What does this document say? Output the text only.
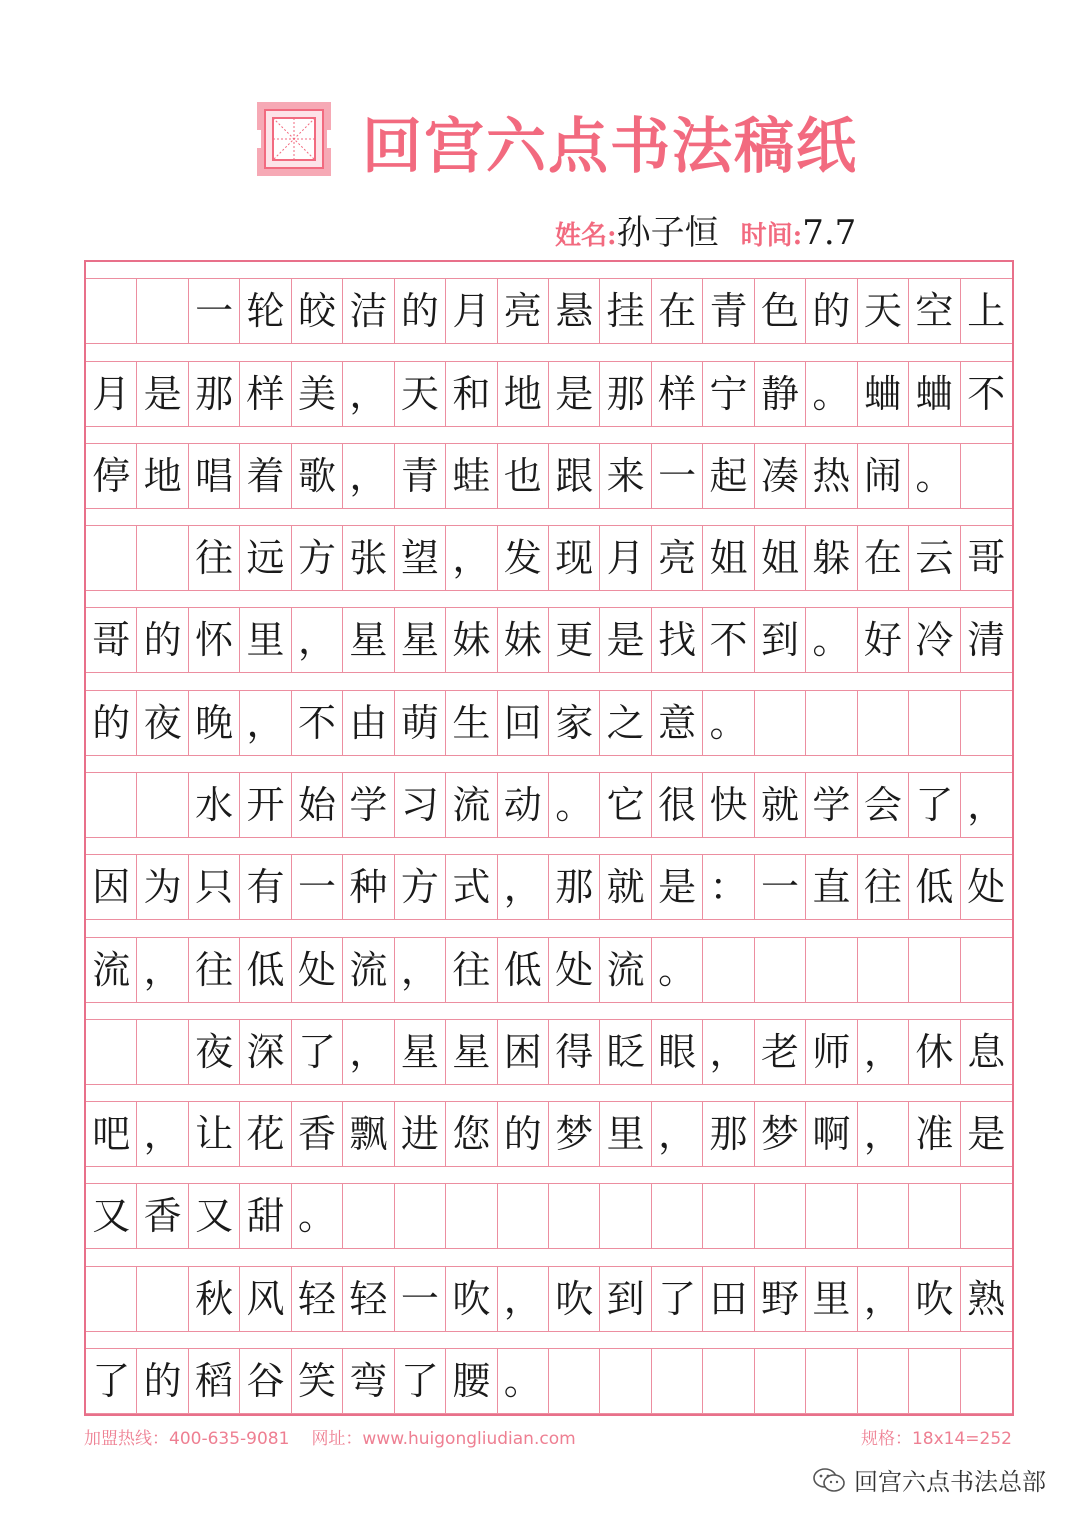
回宫六点书法稿纸
姓名: 孙子恒 时间: 7.7
一 轮 皎 洁 的 月 亮 悬 挂 在 青 色 的 天 空 上
月 是 那 样 美 ， 天 和 地 是 那 样 宁 静 。 蛐 蛐 不
停 地 唱 着 歌 ， 青 蛙 也 跟 来 一 起 凑 热 闹 。
往 远 方 张 望 ， 发 现 月 亮 姐 姐 躲 在 云 哥
哥 的 怀 里 ， 星 星 妹 妹 更 是 找 不 到 。 好 冷 清
的 夜 晚 ， 不 由 萌 生 回 家 之 意 。
水 开 始 学 习 流 动 。 它 很 快 就 学 会 了 ，
因 为 只 有 一 种 方 式 ， 那 就 是 ： 一 直 往 低 处
流 ， 往 低 处 流 ， 往 低 处 流 。
夜 深 了 ， 星 星 困 得 眨 眼 ， 老 师 ， 休 息
吧 ， 让 花 香 飘 进 您 的 梦 里 ， 那 梦 啊 ， 准 是
又 香 又 甜 。
秋 风 轻 轻 一 吹 ， 吹 到 了 田 野 里 ， 吹 熟
了 的 稻 谷 笑 弯 了 腰 。
加盟热线：400-635-9081 网址：www.huigongliudian.com	规格：18x14=252
回宫六点书法总部
